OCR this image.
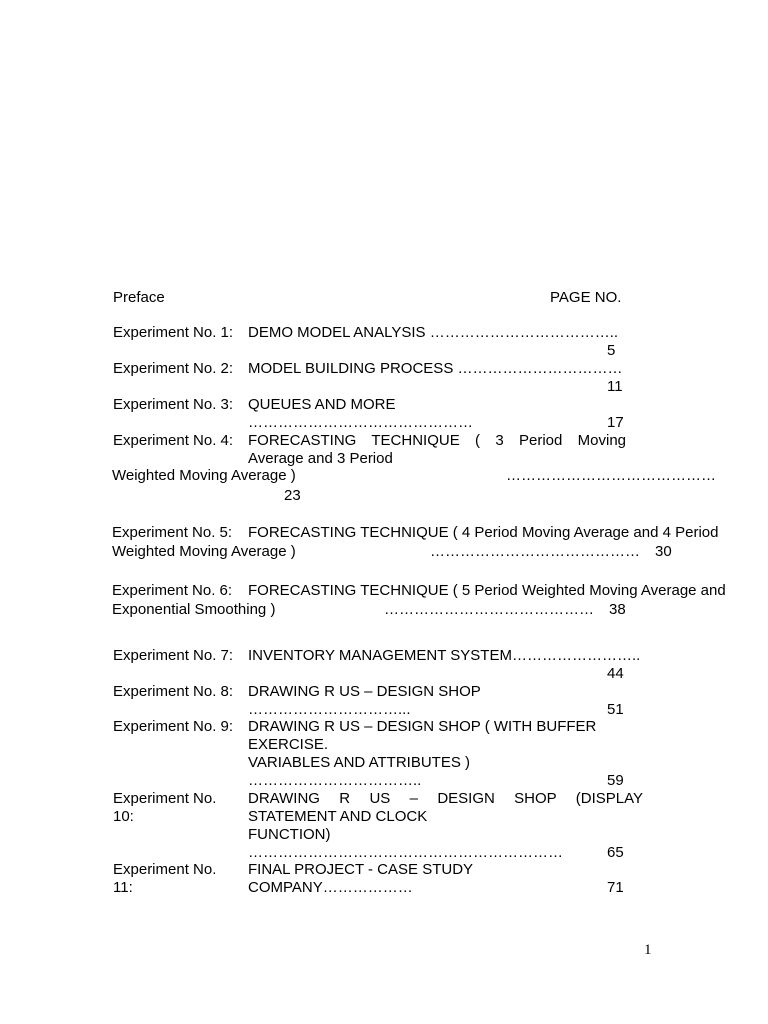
Preface	PAGE NO.
Experiment No. 1: DEMO MODEL ANALYSIS ………………………………..
5
Experiment No. 2: MODEL BUILDING PROCESS ……………………………
11
Experiment No. 3: QUEUES AND MORE
………………………………………	17
Experiment No. 4: FORECASTING TECHNIQUE ( 3 Period Moving
Average and 3 Period
Weighted Moving Average )	……………………………………
23
Experiment No. 5: FORECASTING TECHNIQUE ( 4 Period Moving Average and 4 Period
Weighted Moving Average )	…………………………………… 30
Experiment No. 6: FORECASTING TECHNIQUE ( 5 Period Weighted Moving Average and
Exponential Smoothing )	…………………………………… 38
Experiment No. 7: INVENTORY MANAGEMENT SYSTEM……………………..
44
Experiment No. 8: DRAWING R US – DESIGN SHOP
…………………………...	51
Experiment No. 9: DRAWING R US – DESIGN SHOP ( WITH BUFFER
EXERCISE.
VARIABLES AND ATTRIBUTES )
……………………………..	59
Experiment No.
10:
DRAWING R US – DESIGN SHOP (DISPLAY
STATEMENT AND CLOCK
FUNCTION)
………………………………………………………	65
Experiment No.
11:
FINAL PROJECT - CASE STUDY
COMPANY………………	71
1
